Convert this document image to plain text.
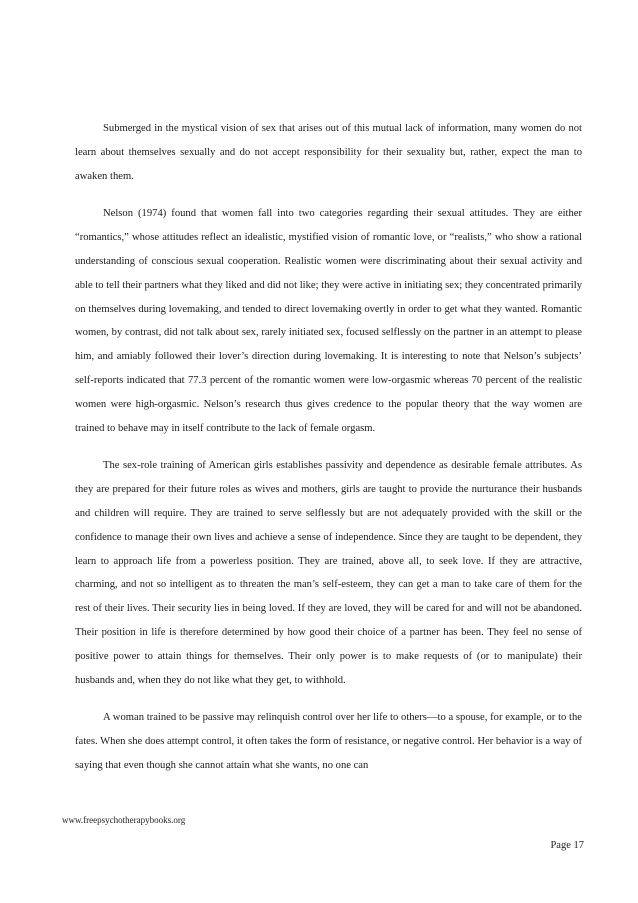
Submerged in the mystical vision of sex that arises out of this mutual lack of information, many women do not learn about themselves sexually and do not accept responsibility for their sexuality but, rather, expect the man to awaken them.

Nelson (1974) found that women fall into two categories regarding their sexual attitudes. They are either “romantics,” whose attitudes reflect an idealistic, mystified vision of romantic love, or “realists,” who show a rational understanding of conscious sexual cooperation. Realistic women were discriminating about their sexual activity and able to tell their partners what they liked and did not like; they were active in initiating sex; they concentrated primarily on themselves during lovemaking, and tended to direct lovemaking overtly in order to get what they wanted. Romantic women, by contrast, did not talk about sex, rarely initiated sex, focused selflessly on the partner in an attempt to please him, and amiably followed their lover’s direction during lovemaking. It is interesting to note that Nelson’s subjects’ self-reports indicated that 77.3 percent of the romantic women were low-orgasmic whereas 70 percent of the realistic women were high-orgasmic. Nelson’s research thus gives credence to the popular theory that the way women are trained to behave may in itself contribute to the lack of female orgasm.

The sex-role training of American girls establishes passivity and dependence as desirable female attributes. As they are prepared for their future roles as wives and mothers, girls are taught to provide the nurturance their husbands and children will require. They are trained to serve selflessly but are not adequately provided with the skill or the confidence to manage their own lives and achieve a sense of independence. Since they are taught to be dependent, they learn to approach life from a powerless position. They are trained, above all, to seek love. If they are attractive, charming, and not so intelligent as to threaten the man’s self-esteem, they can get a man to take care of them for the rest of their lives. Their security lies in being loved. If they are loved, they will be cared for and will not be abandoned. Their position in life is therefore determined by how good their choice of a partner has been. They feel no sense of positive power to attain things for themselves. Their only power is to make requests of (or to manipulate) their husbands and, when they do not like what they get, to withhold.

A woman trained to be passive may relinquish control over her life to others—to a spouse, for example, or to the fates. When she does attempt control, it often takes the form of resistance, or negative control. Her behavior is a way of saying that even though she cannot attain what she wants, no one can

www.freepsychotherapybooks.org
Page 17
